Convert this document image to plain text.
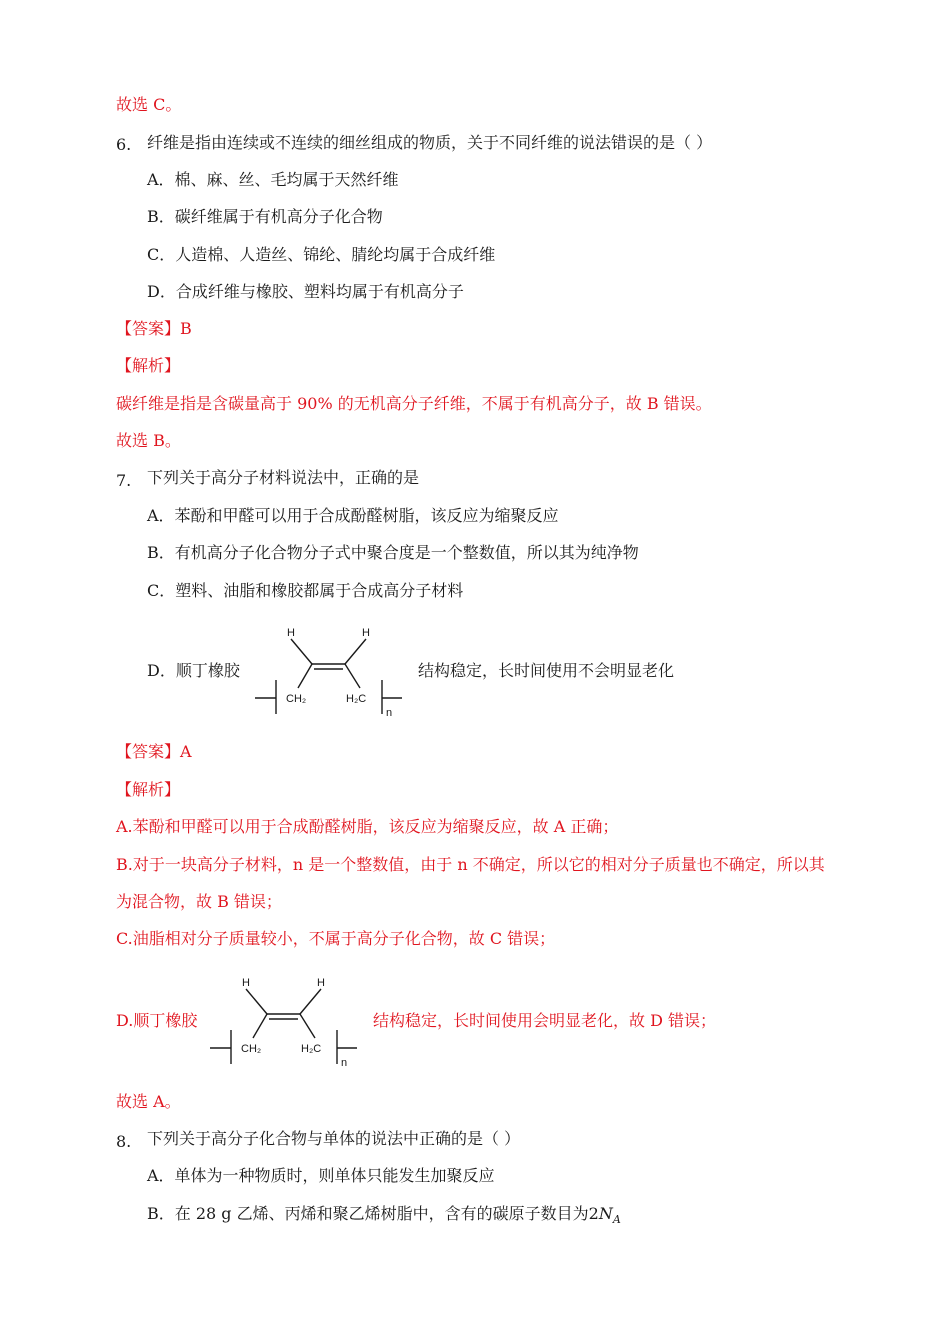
故选 C。
6. 纤维是指由连续或不连续的细丝组成的物质，关于不同纤维的说法错误的是（ ）
A．棉、麻、丝、毛均属于天然纤维
B．碳纤维属于有机高分子化合物
C．人造棉、人造丝、锦纶、腈纶均属于合成纤维
D．合成纤维与橡胶、塑料均属于有机高分子
【答案】B
【解析】
碳纤维是指是含碳量高于 90% 的无机高分子纤维，不属于有机高分子，故 B 错误。
故选 B。
7. 下列关于高分子材料说法中，正确的是
A．苯酚和甲醛可以用于合成酚醛树脂，该反应为缩聚反应
B．有机高分子化合物分子式中聚合度是一个整数值，所以其为纯净物
C．塑料、油脂和橡胶都属于合成高分子材料
D．顺丁橡胶
H	H
CH₂	H₂C
n
结构稳定，长时间使用不会明显老化
【答案】A
【解析】
A.苯酚和甲醛可以用于合成酚醛树脂，该反应为缩聚反应，故 A 正确；
B.对于一块高分子材料，n 是一个整数值，由于 n 不确定，所以它的相对分子质量也不确定，所以其
为混合物，故 B 错误；
C.油脂相对分子质量较小，不属于高分子化合物，故 C 错误；
D.顺丁橡胶
H	H
CH₂	H₂C
n
结构稳定，长时间使用会明显老化，故 D 错误；
故选 A。
8. 下列关于高分子化合物与单体的说法中正确的是（ ）
A．单体为一种物质时，则单体只能发生加聚反应
B．在 28 g 乙烯、丙烯和聚乙烯树脂中，含有的碳原子数目为$2N_A$
